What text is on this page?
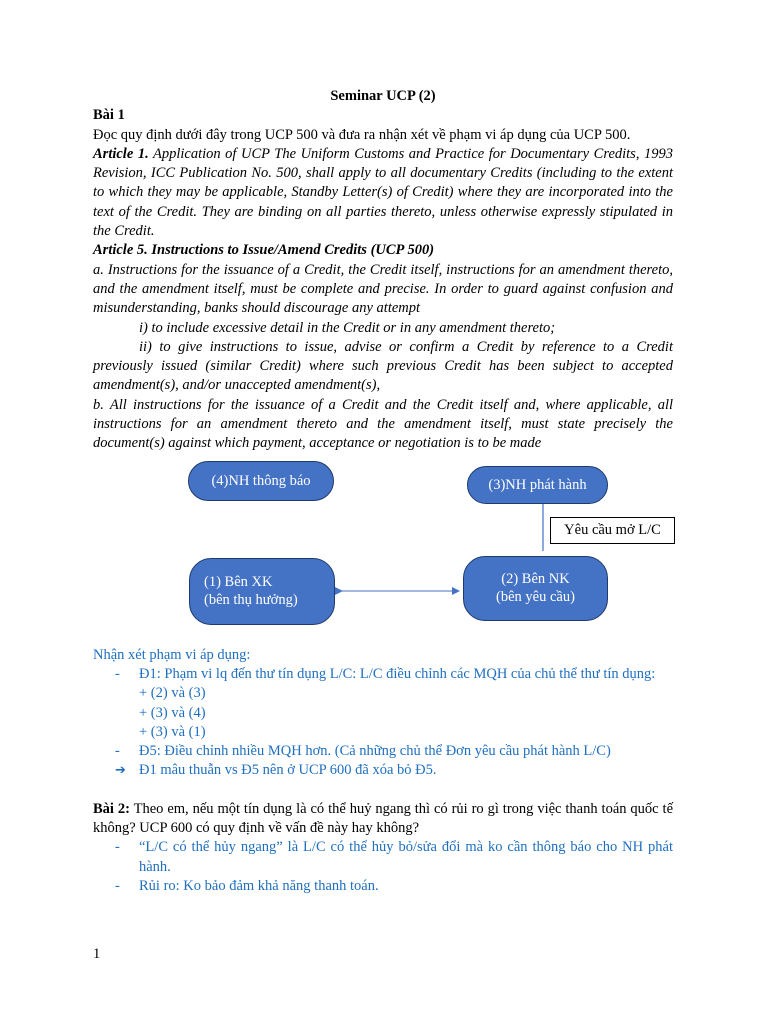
Seminar UCP (2)

Bài 1

Đọc quy định dưới đây trong UCP 500 và đưa ra nhận xét về phạm vi áp dụng của UCP 500.

Article 1. Application of UCP The Uniform Customs and Practice for Documentary Credits, 1993 Revision, ICC Publication No. 500, shall apply to all documentary Credits (including to the extent to which they may be applicable, Standby Letter(s) of Credit) where they are incorporated into the text of the Credit. They are binding on all parties thereto, unless otherwise expressly stipulated in the Credit.

Article 5. Instructions to Issue/Amend Credits (UCP 500)

a. Instructions for the issuance of a Credit, the Credit itself, instructions for an amendment thereto, and the amendment itself, must be complete and precise. In order to guard against confusion and misunderstanding, banks should discourage any attempt

i) to include excessive detail in the Credit or in any amendment thereto;

ii) to give instructions to issue, advise or confirm a Credit by reference to a Credit previously issued (similar Credit) where such previous Credit has been subject to accepted amendment(s), and/or unaccepted amendment(s),

b. All instructions for the issuance of a Credit and the Credit itself and, where applicable, all instructions for an amendment thereto and the amendment itself, must state precisely the document(s) against which payment, acceptance or negotiation is to be made

(4)NH thông báo	(3)NH phát hành
Yêu cầu mở L/C
(1) Bên XK
(bên thụ hưởng)
(2) Bên NK
(bên yêu cầu)

Nhận xét phạm vi áp dụng:

- Đ1: Phạm vi lq đến thư tín dụng L/C: L/C điều chỉnh các MQH của chủ thể thư tín dụng:
+ (2) và (3)
+ (3) và (4)
+ (3) và (1)
- Đ5: Điều chỉnh nhiều MQH hơn. (Cả những chủ thể Đơn yêu cầu phát hành L/C)
➔ Đ1 mâu thuẫn vs Đ5 nên ở UCP 600 đã xóa bỏ Đ5.

Bài 2: Theo em, nếu một tín dụng là có thể huỷ ngang thì có rủi ro gì trong việc thanh toán quốc tế không? UCP 600 có quy định về vấn đề này hay không?

- “L/C có thể hủy ngang” là L/C có thể hủy bỏ/sửa đổi mà ko cần thông báo cho NH phát hành.
- Rủi ro: Ko bảo đảm khả năng thanh toán.
1
